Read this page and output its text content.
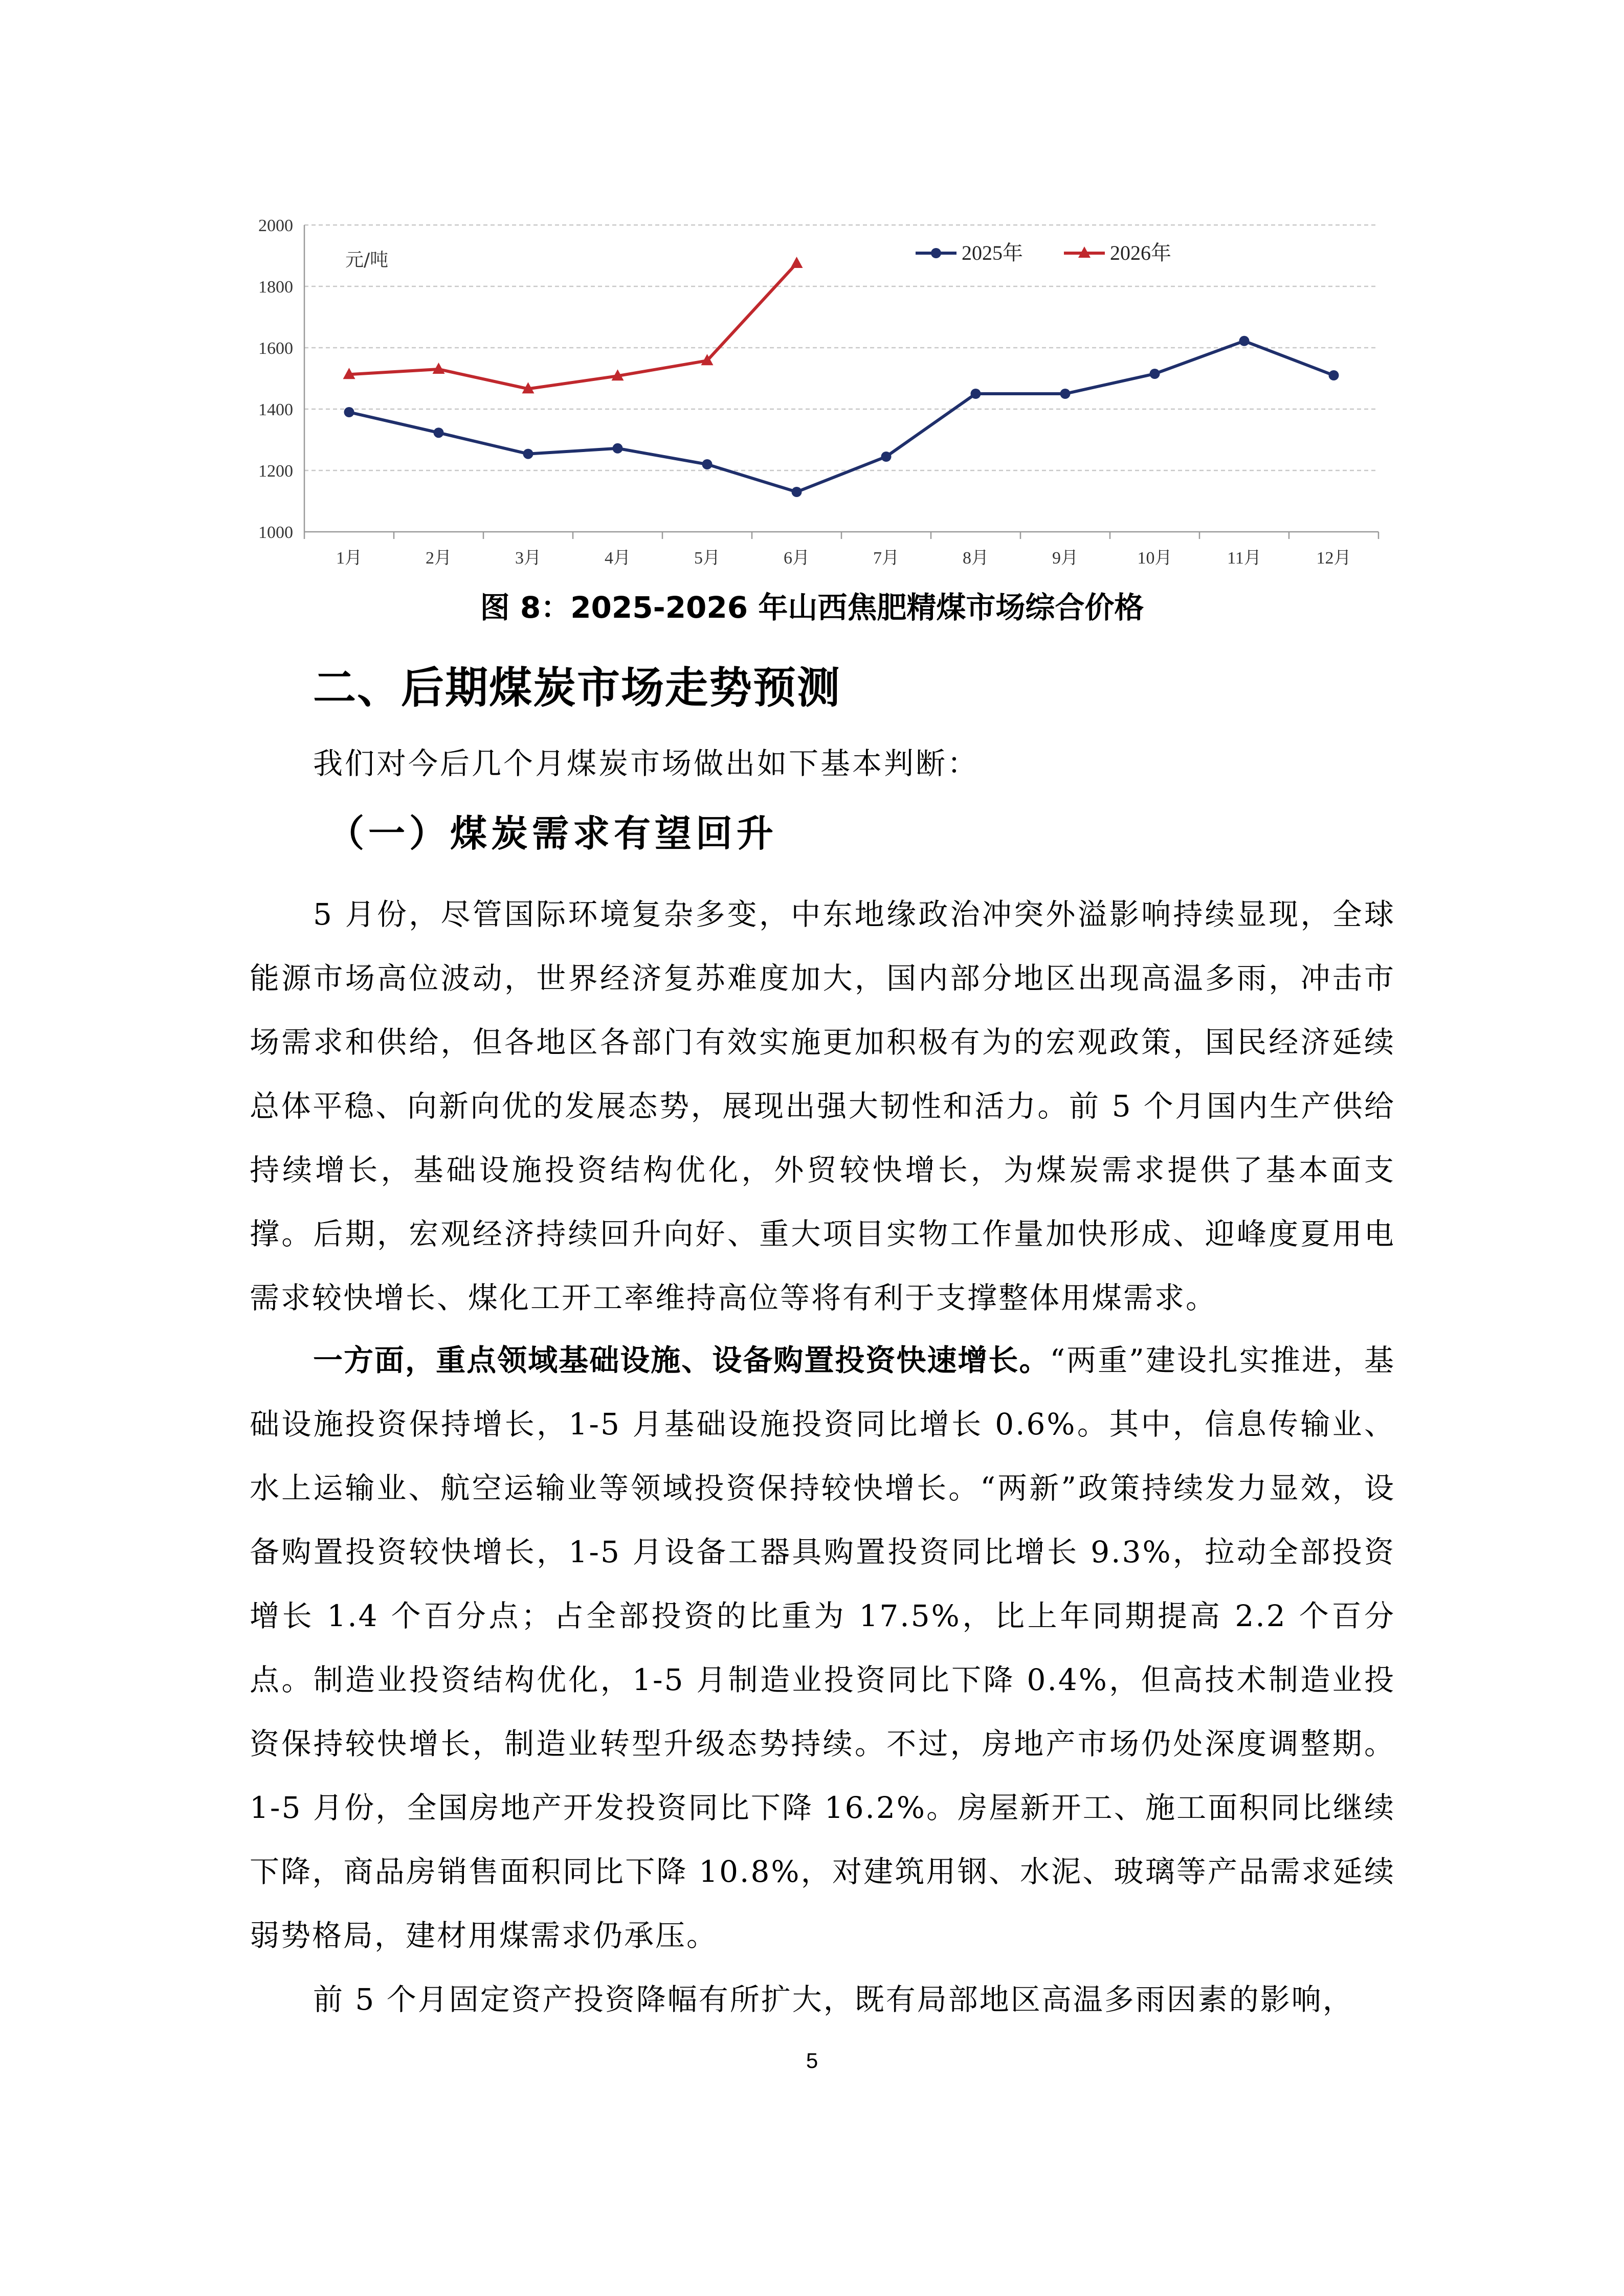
1000
1200
1400
1600
1800
2000
1月	2月	3月	4月	5月	6月	7月	8月	9月	10月	11月	12月
元/吨	2025年	2026年
图 8：2025-2026 年山西焦肥精煤市场综合价格
二、后期煤炭市场走势预测
我们对今后几个月煤炭市场做出如下基本判断：
（一）煤炭需求有望回升
5 月份，尽管国际环境复杂多变，中东地缘政治冲突外溢影响持续显现，全球能源市场高位波动，世界经济复苏难度加大，国内部分地区出现高温多雨，冲击市场需求和供给，但各地区各部门有效实施更加积极有为的宏观政策，国民经济延续总体平稳、向新向优的发展态势，展现出强大韧性和活力。前 5 个月国内生产供给持续增长，基础设施投资结构优化，外贸较快增长，为煤炭需求提供了基本面支撑。后期，宏观经济持续回升向好、重大项目实物工作量加快形成、迎峰度夏用电需求较快增长、煤化工开工率维持高位等将有利于支撑整体用煤需求。
一方面，重点领域基础设施、设备购置投资快速增长。“两重”建设扎实推进，基础设施投资保持增长，1-5 月基础设施投资同比增长 0.6%。其中，信息传输业、水上运输业、航空运输业等领域投资保持较快增长。“两新”政策持续发力显效，设备购置投资较快增长，1-5 月设备工器具购置投资同比增长 9.3%，拉动全部投资增长 1.4 个百分点；占全部投资的比重为 17.5%，比上年同期提高 2.2 个百分点。制造业投资结构优化，1-5 月制造业投资同比下降 0.4%，但高技术制造业投资保持较快增长，制造业转型升级态势持续。不过，房地产市场仍处深度调整期。1-5 月份，全国房地产开发投资同比下降 16.2%。房屋新开工、施工面积同比继续下降，商品房销售面积同比下降 10.8%，对建筑用钢、水泥、玻璃等产品需求延续弱势格局，建材用煤需求仍承压。
前 5 个月固定资产投资降幅有所扩大，既有局部地区高温多雨因素的影响，
5
